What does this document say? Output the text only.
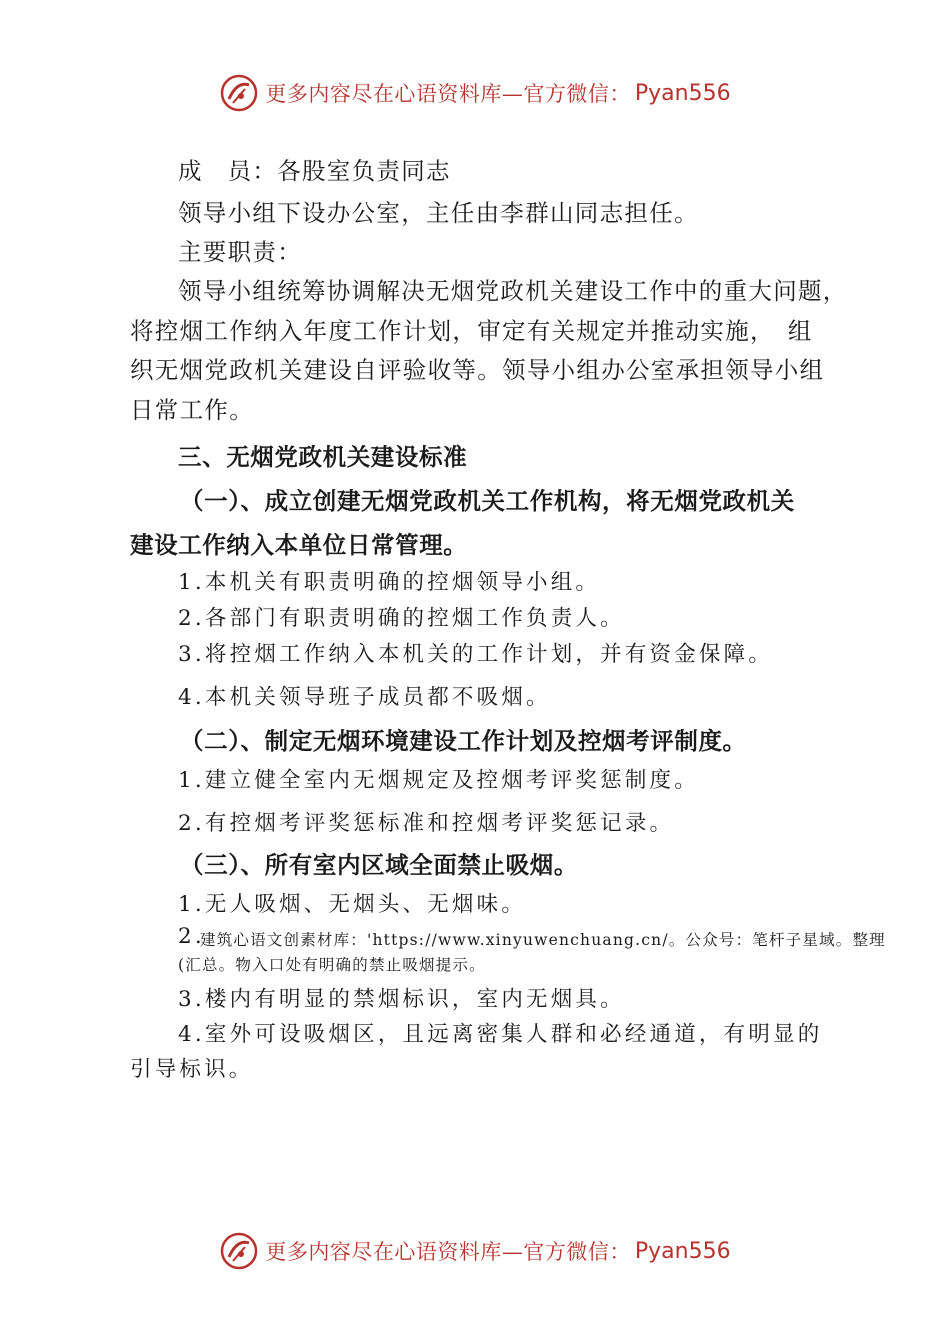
更多内容尽在心语资料库—官方微信： Pyan556
成　员：各股室负责同志
领导小组下设办公室，主任由李群山同志担任。
主要职责：
领导小组统筹协调解决无烟党政机关建设工作中的重大问题，
将控烟工作纳入年度工作计划，审定有关规定并推动实施，　组
织无烟党政机关建设自评验收等。领导小组办公室承担领导小组
日常工作。
三、无烟党政机关建设标准
（一）、成立创建无烟党政机关工作机构，将无烟党政机关
建设工作纳入本单位日常管理。
1.本机关有职责明确的控烟领导小组。
2.各部门有职责明确的控烟工作负责人。
3.将控烟工作纳入本机关的工作计划，并有资金保障。
4.本机关领导班子成员都不吸烟。
（二）、制定无烟环境建设工作计划及控烟考评制度。
1.建立健全室内无烟规定及控烟考评奖惩制度。
2.有控烟考评奖惩标准和控烟考评奖惩记录。
（三）、所有室内区域全面禁止吸烟。
1.无人吸烟、无烟头、无烟味。
2.
建筑心语文创素材库：'https://www.xinyuwenchuang.cn/。公众号：笔杆子星域。整理
(汇总。物入口处有明确的禁止吸烟提示。
3.楼内有明显的禁烟标识，室内无烟具。
4.室外可设吸烟区，且远离密集人群和必经通道，有明显的
引导标识。
更多内容尽在心语资料库—官方微信： Pyan556
